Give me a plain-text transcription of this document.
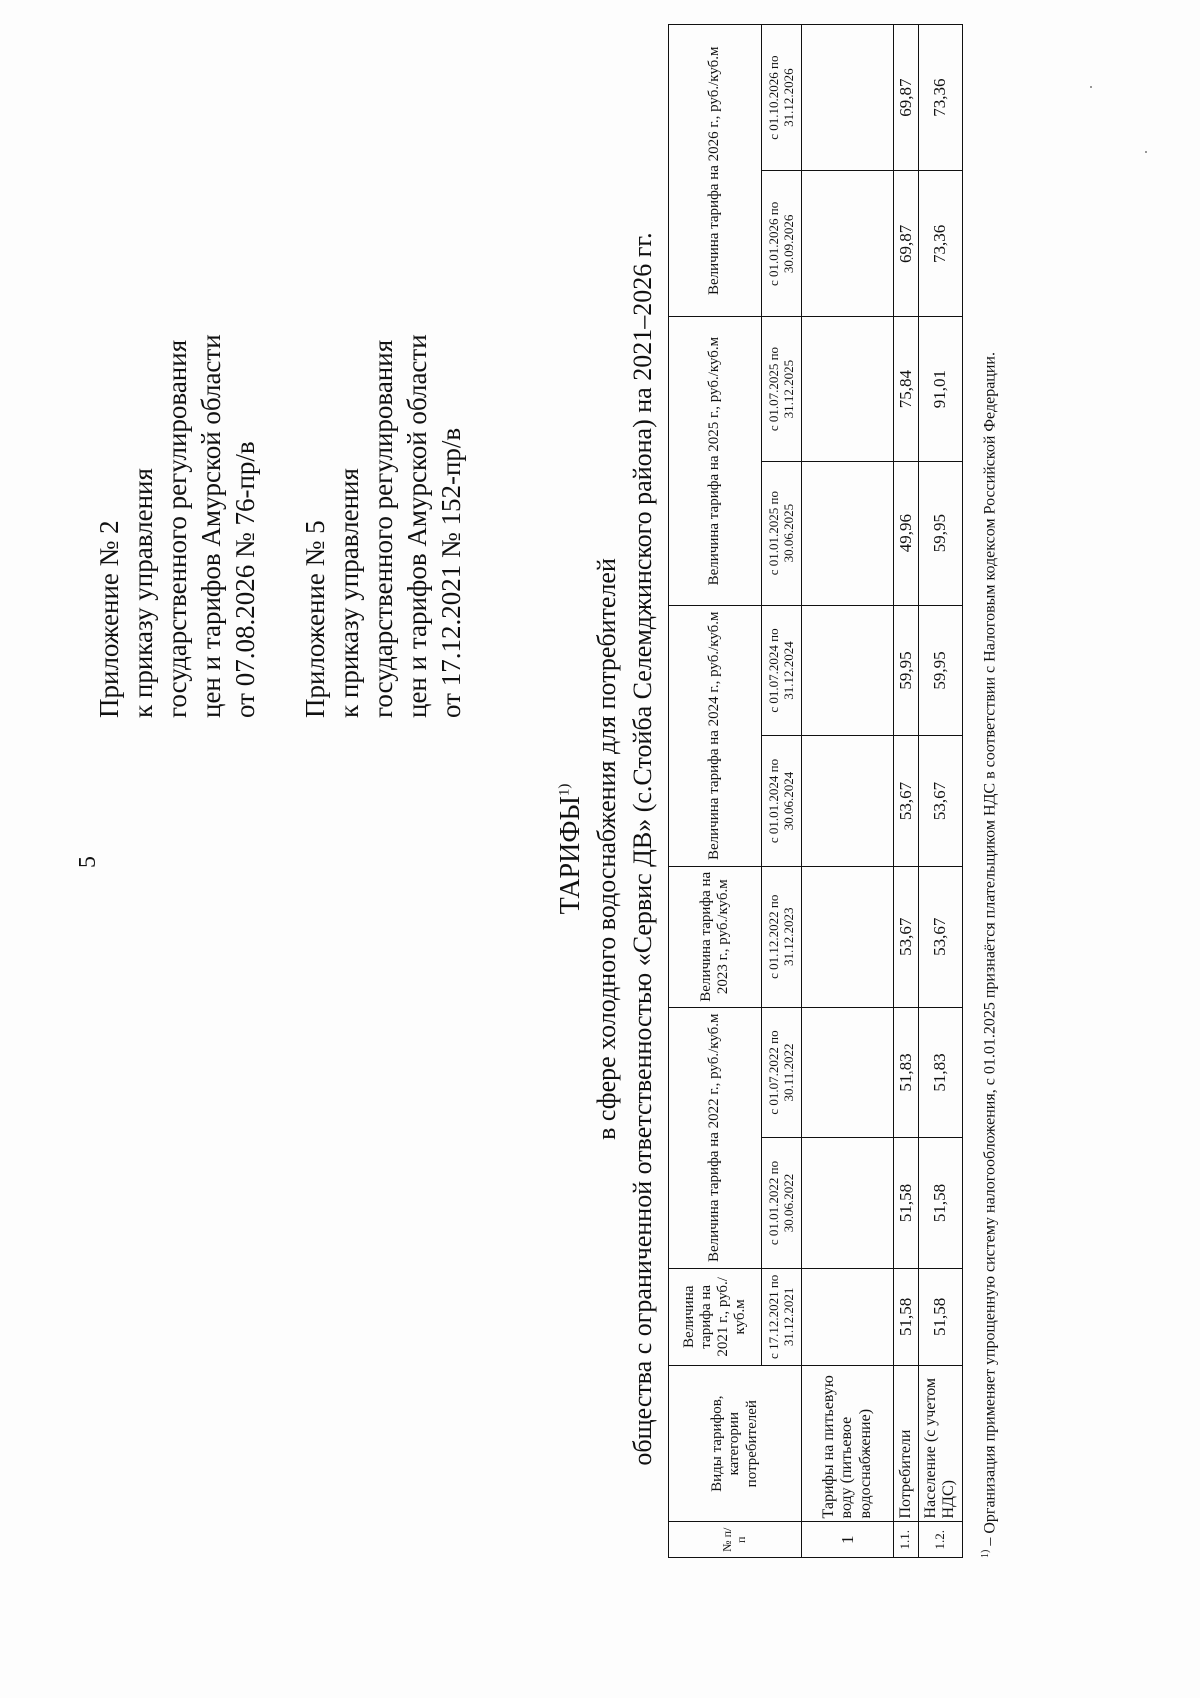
5
Приложение № 2 к приказу управления государственного регулирования цен и тарифов Амурской области от 07.08.2026 № 76-пр/в Приложение № 5 к приказу управления государственного регулирования цен и тарифов Амурской области от 17.12.2021 № 152-пр/в
ТАРИФЫ$^{1)}$ в сфере холодного водоснабжения для потребителей общества с ограниченной ответственностью «Сервис ДВ» (с.Стойба Селемджинского района) на 2021–2026 гг.
№ п/п	Виды тарифов, категории потребителей	Величина тарифа на 2021 г., руб./куб.м	Величина тарифа на 2022 г., руб./куб.м		Величина тарифа на 2023 г., руб./куб.м	Величина тарифа на 2024 г., руб./куб.м		Величина тарифа на 2025 г., руб./куб.м		Величина тарифа на 2026 г., руб./куб.м	
		с 17.12.2021 по 31.12.2021	с 01.01.2022 по 30.06.2022	с 01.07.2022 по 30.11.2022	с 01.12.2022 по 31.12.2023	с 01.01.2024 по 30.06.2024	с 01.07.2024 по 31.12.2024	с 01.01.2025 по 30.06.2025	с 01.07.2025 по 31.12.2025	с 01.01.2026 по 30.09.2026	с 01.10.2026 по 31.12.2026
1	Тарифы на питьевую воду (питьевое водоснабжение)										
1.1.	Потребители	51,58	51,58	51,83	53,67	53,67	59,95	49,96	75,84	69,87	69,87
1.2.	Население (с учетом НДС)	51,58	51,58	51,83	53,67	53,67	59,95	59,95	91,01	73,36	73,36
$^{1)}$ – Организация применяет упрощенную систему налогообложения, с 01.01.2025 признаётся плательщиком НДС в соответствии с Налоговым кодексом Российской Федерации.
